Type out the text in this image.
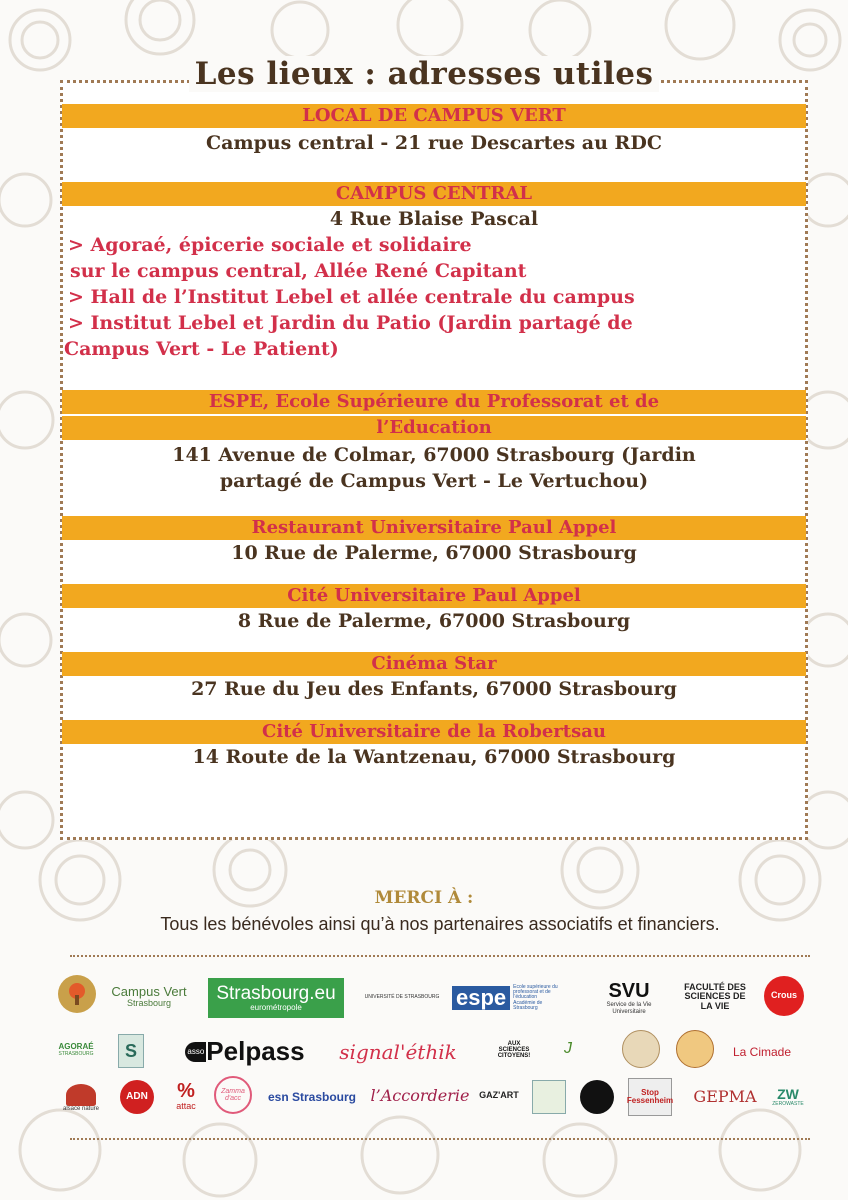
Les lieux : adresses utiles
LOCAL DE CAMPUS VERT
Campus central - 21 rue Descartes au RDC
CAMPUS CENTRAL
4 Rue Blaise Pascal
> Agoraé, épicerie sociale et solidaire
sur le campus central, Allée René Capitant
> Hall de l’Institut Lebel et allée centrale du campus
> Institut Lebel et Jardin du Patio (Jardin partagé de
Campus Vert - Le Patient)
ESPE, Ecole Supérieure du Professorat et de
l’Education
141 Avenue de Colmar, 67000 Strasbourg (Jardin
partagé de Campus Vert - Le Vertuchou)
Restaurant Universitaire Paul Appel
10 Rue de Palerme, 67000 Strasbourg
Cité Universitaire Paul Appel
8 Rue de Palerme, 67000 Strasbourg
Cinéma Star
27 Rue du Jeu des Enfants, 67000 Strasbourg
Cité Universitaire de la Robertsau
14 Route de la Wantzenau, 67000 Strasbourg
MERCI À :
Tous les bénévoles ainsi qu’à nos partenaires associatifs et financiers.
Campus Vert
Strasbourg Strasbourg.eu
eurométropole
UNIVERSITÉ DE STRASBOURG espe	Ecole supérieure du professorat et de l’éducation Académie de Strasbourg
SVU
Service de la Vie Universitaire
FACULTÉ DES SCIENCES DE LA VIE
Crous
AGORAÉ
STRASBOURG S	asso Pelpass signal'éthik	AUX SCIENCES CITOYENS!	J	La Cimade
alsace nature
ADN %
attac
Zamma d'acc	esn Strasbourg l’Accorderie GAZ'ART	Stop Fessenheim GEPMA ZW
ZEROWASTE
